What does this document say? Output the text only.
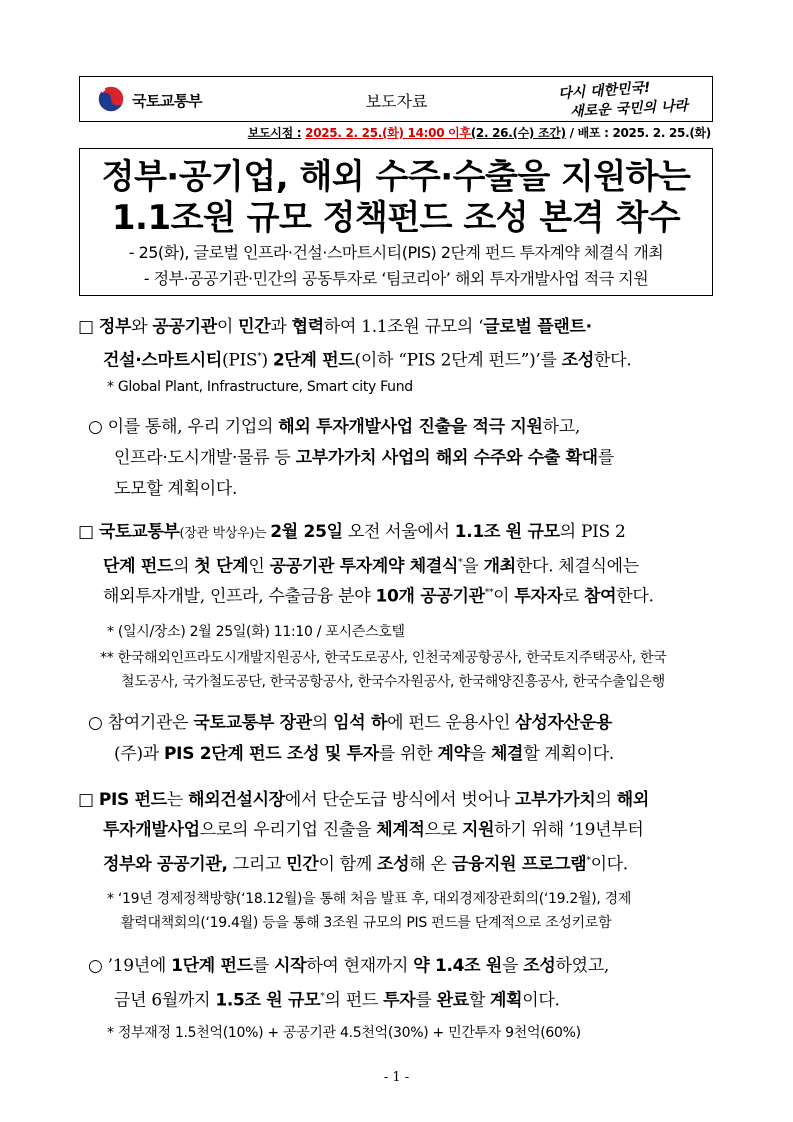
국토교통부	보도자료	다시 대한민국!
새로운 국민의 나라
보도시점 : 2025. 2. 25.(화) 14:00 이후(2. 26.(수) 조간) / 배포 : 2025. 2. 25.(화)
정부·공기업, 해외 수주·수출을 지원하는
1.1조원 규모 정책펀드 조성 본격 착수
- 25(화), 글로벌 인프라·건설·스마트시티(PIS) 2단계 펀드 투자계약 체결식 개최
- 정부·공공기관·민간의 공동투자로 ‘팀코리아’ 해외 투자개발사업 적극 지원
□ 정부와 공공기관이 민간과 협력하여 1.1조원 규모의 ‘글로벌 플랜트·
건설·스마트시티(PIS*) 2단계 펀드(이하 “PIS 2단계 펀드”)’를 조성한다.
* Global Plant, Infrastructure, Smart city Fund
○ 이를 통해, 우리 기업의 해외 투자개발사업 진출을 적극 지원하고,
인프라·도시개발·물류 등 고부가가치 사업의 해외 수주와 수출 확대를
도모할 계획이다.
□ 국토교통부(장관 박상우)는 2월 25일 오전 서울에서 1.1조 원 규모의 PIS 2
단계 펀드의 첫 단계인 공공기관 투자계약 체결식*을 개최한다. 체결식에는
해외투자개발, 인프라, 수출금융 분야 10개 공공기관**이 투자자로 참여한다.
* (일시/장소) 2월 25일(화) 11:10 / 포시즌스호텔
** 한국해외인프라도시개발지원공사, 한국도로공사, 인천국제공항공사, 한국토지주택공사, 한국
철도공사, 국가철도공단, 한국공항공사, 한국수자원공사, 한국해양진흥공사, 한국수출입은행
○ 참여기관은 국토교통부 장관의 임석 하에 펀드 운용사인 삼성자산운용
(주)과 PIS 2단계 펀드 조성 및 투자를 위한 계약을 체결할 계획이다.
□ PIS 펀드는 해외건설시장에서 단순도급 방식에서 벗어나 고부가가치의 해외
투자개발사업으로의 우리기업 진출을 체계적으로 지원하기 위해 ’19년부터
정부와 공공기관, 그리고 민간이 함께 조성해 온 금융지원 프로그램*이다.
* ‘19년 경제정책방향(‘18.12월)을 통해 처음 발표 후, 대외경제장관회의(‘19.2월), 경제
활력대책회의(‘19.4월) 등을 통해 3조원 규모의 PIS 펀드를 단계적으로 조성키로함
○ ’19년에 1단계 펀드를 시작하여 현재까지 약 1.4조 원을 조성하였고,
금년 6월까지 1.5조 원 규모*의 펀드 투자를 완료할 계획이다.
* 정부재정 1.5천억(10%) + 공공기관 4.5천억(30%) + 민간투자 9천억(60%)
- 1 -
